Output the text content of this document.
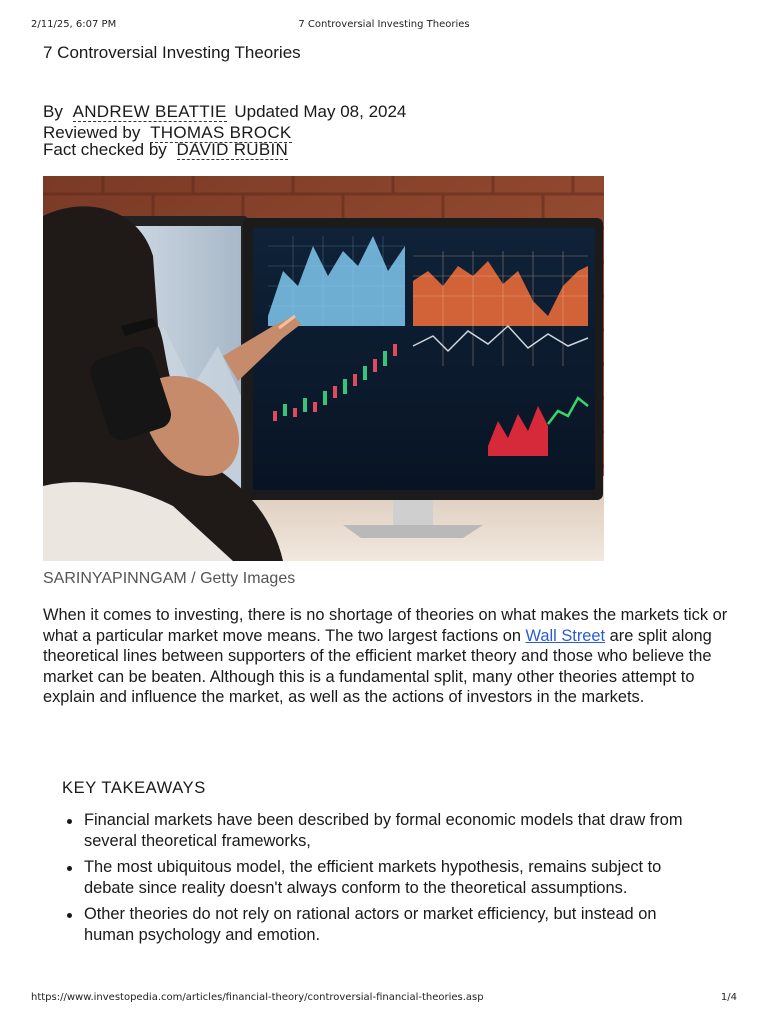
2/11/25, 6:07 PM	7 Controversial Investing Theories
7 Controversial Investing Theories
By ANDREW BEATTIE Updated May 08, 2024
Reviewed by THOMAS BROCK
Fact checked by DAVID RUBIN
SARINYAPINNGAM / Getty Images

When it comes to investing, there is no shortage of theories on what makes the markets tick or what a particular market move means. The two largest factions on Wall Street are split along theoretical lines between supporters of the efficient market theory and those who believe the market can be beaten. Although this is a fundamental split, many other theories attempt to explain and influence the market, as well as the actions of investors in the markets.

KEY TAKEAWAYS
Financial markets have been described by formal economic models that draw from several theoretical frameworks,
The most ubiquitous model, the efficient markets hypothesis, remains subject to debate since reality doesn't always conform to the theoretical assumptions.
Other theories do not rely on rational actors or market efficiency, but instead on human psychology and emotion.
https://www.investopedia.com/articles/financial-theory/controversial-financial-theories.asp	1/4
